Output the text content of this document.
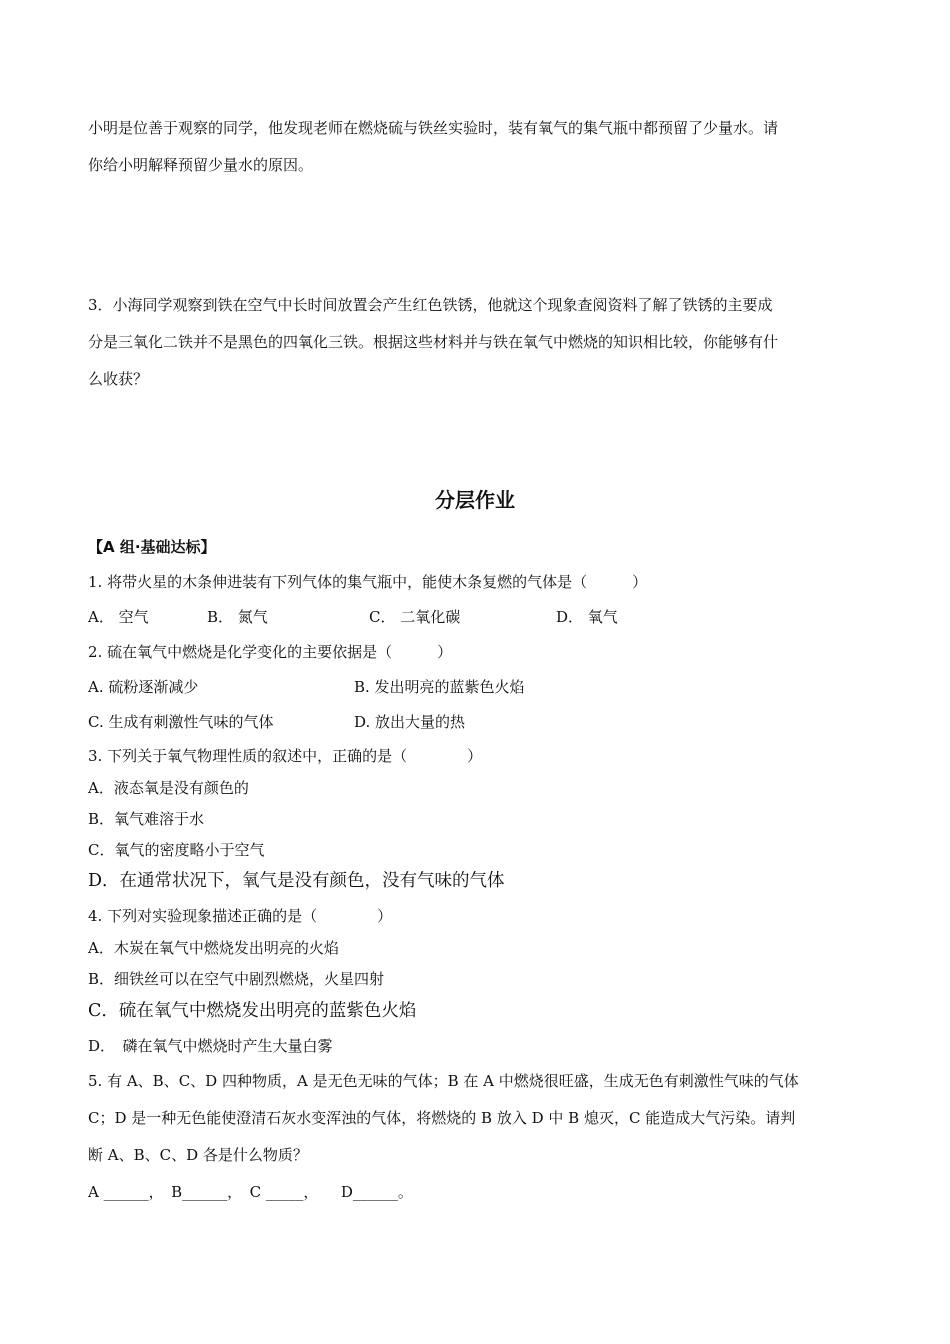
小明是位善于观察的同学，他发现老师在燃烧硫与铁丝实验时，装有氧气的集气瓶中都预留了少量水。请
你给小明解释预留少量水的原因。
3．小海同学观察到铁在空气中长时间放置会产生红色铁锈，他就这个现象查阅资料了解了铁锈的主要成
分是三氧化二铁并不是黑色的四氧化三铁。根据这些材料并与铁在氧气中燃烧的知识相比较，你能够有什
么收获？
分层作业
【A 组·基础达标】
1. 将带火星的木条伸进装有下列气体的集气瓶中，能使木条复燃的气体是（　　　）
A． 空气	B． 氮气	C． 二氧化碳	D． 氧气
2. 硫在氧气中燃烧是化学变化的主要依据是（　　　）
A. 硫粉逐渐减少	B. 发出明亮的蓝紫色火焰
C. 生成有刺激性气味的气体	D. 放出大量的热
3. 下列关于氧气物理性质的叙述中，正确的是（　　　　）
A．液态氧是没有颜色的
B．氧气难溶于水
C．氧气的密度略小于空气
D．在通常状况下，氧气是没有颜色，没有气味的气体
4. 下列对实验现象描述正确的是（　　　　）
A．木炭在氧气中燃烧发出明亮的火焰
B．细铁丝可以在空气中剧烈燃烧，火星四射
C．硫在氧气中燃烧发出明亮的蓝紫色火焰
D．　磷在氧气中燃烧时产生大量白雾
5. 有 A、B、C、D 四种物质，A 是无色无味的气体；B 在 A 中燃烧很旺盛，生成无色有刺激性气味的气体
C；D 是一种无色能使澄清石灰水变浑浊的气体，将燃烧的 B 放入 D 中 B 熄灭，C 能造成大气污染。请判
断 A、B、C、D 各是什么物质？
A ______，　B______，　C _____，　　D______。
